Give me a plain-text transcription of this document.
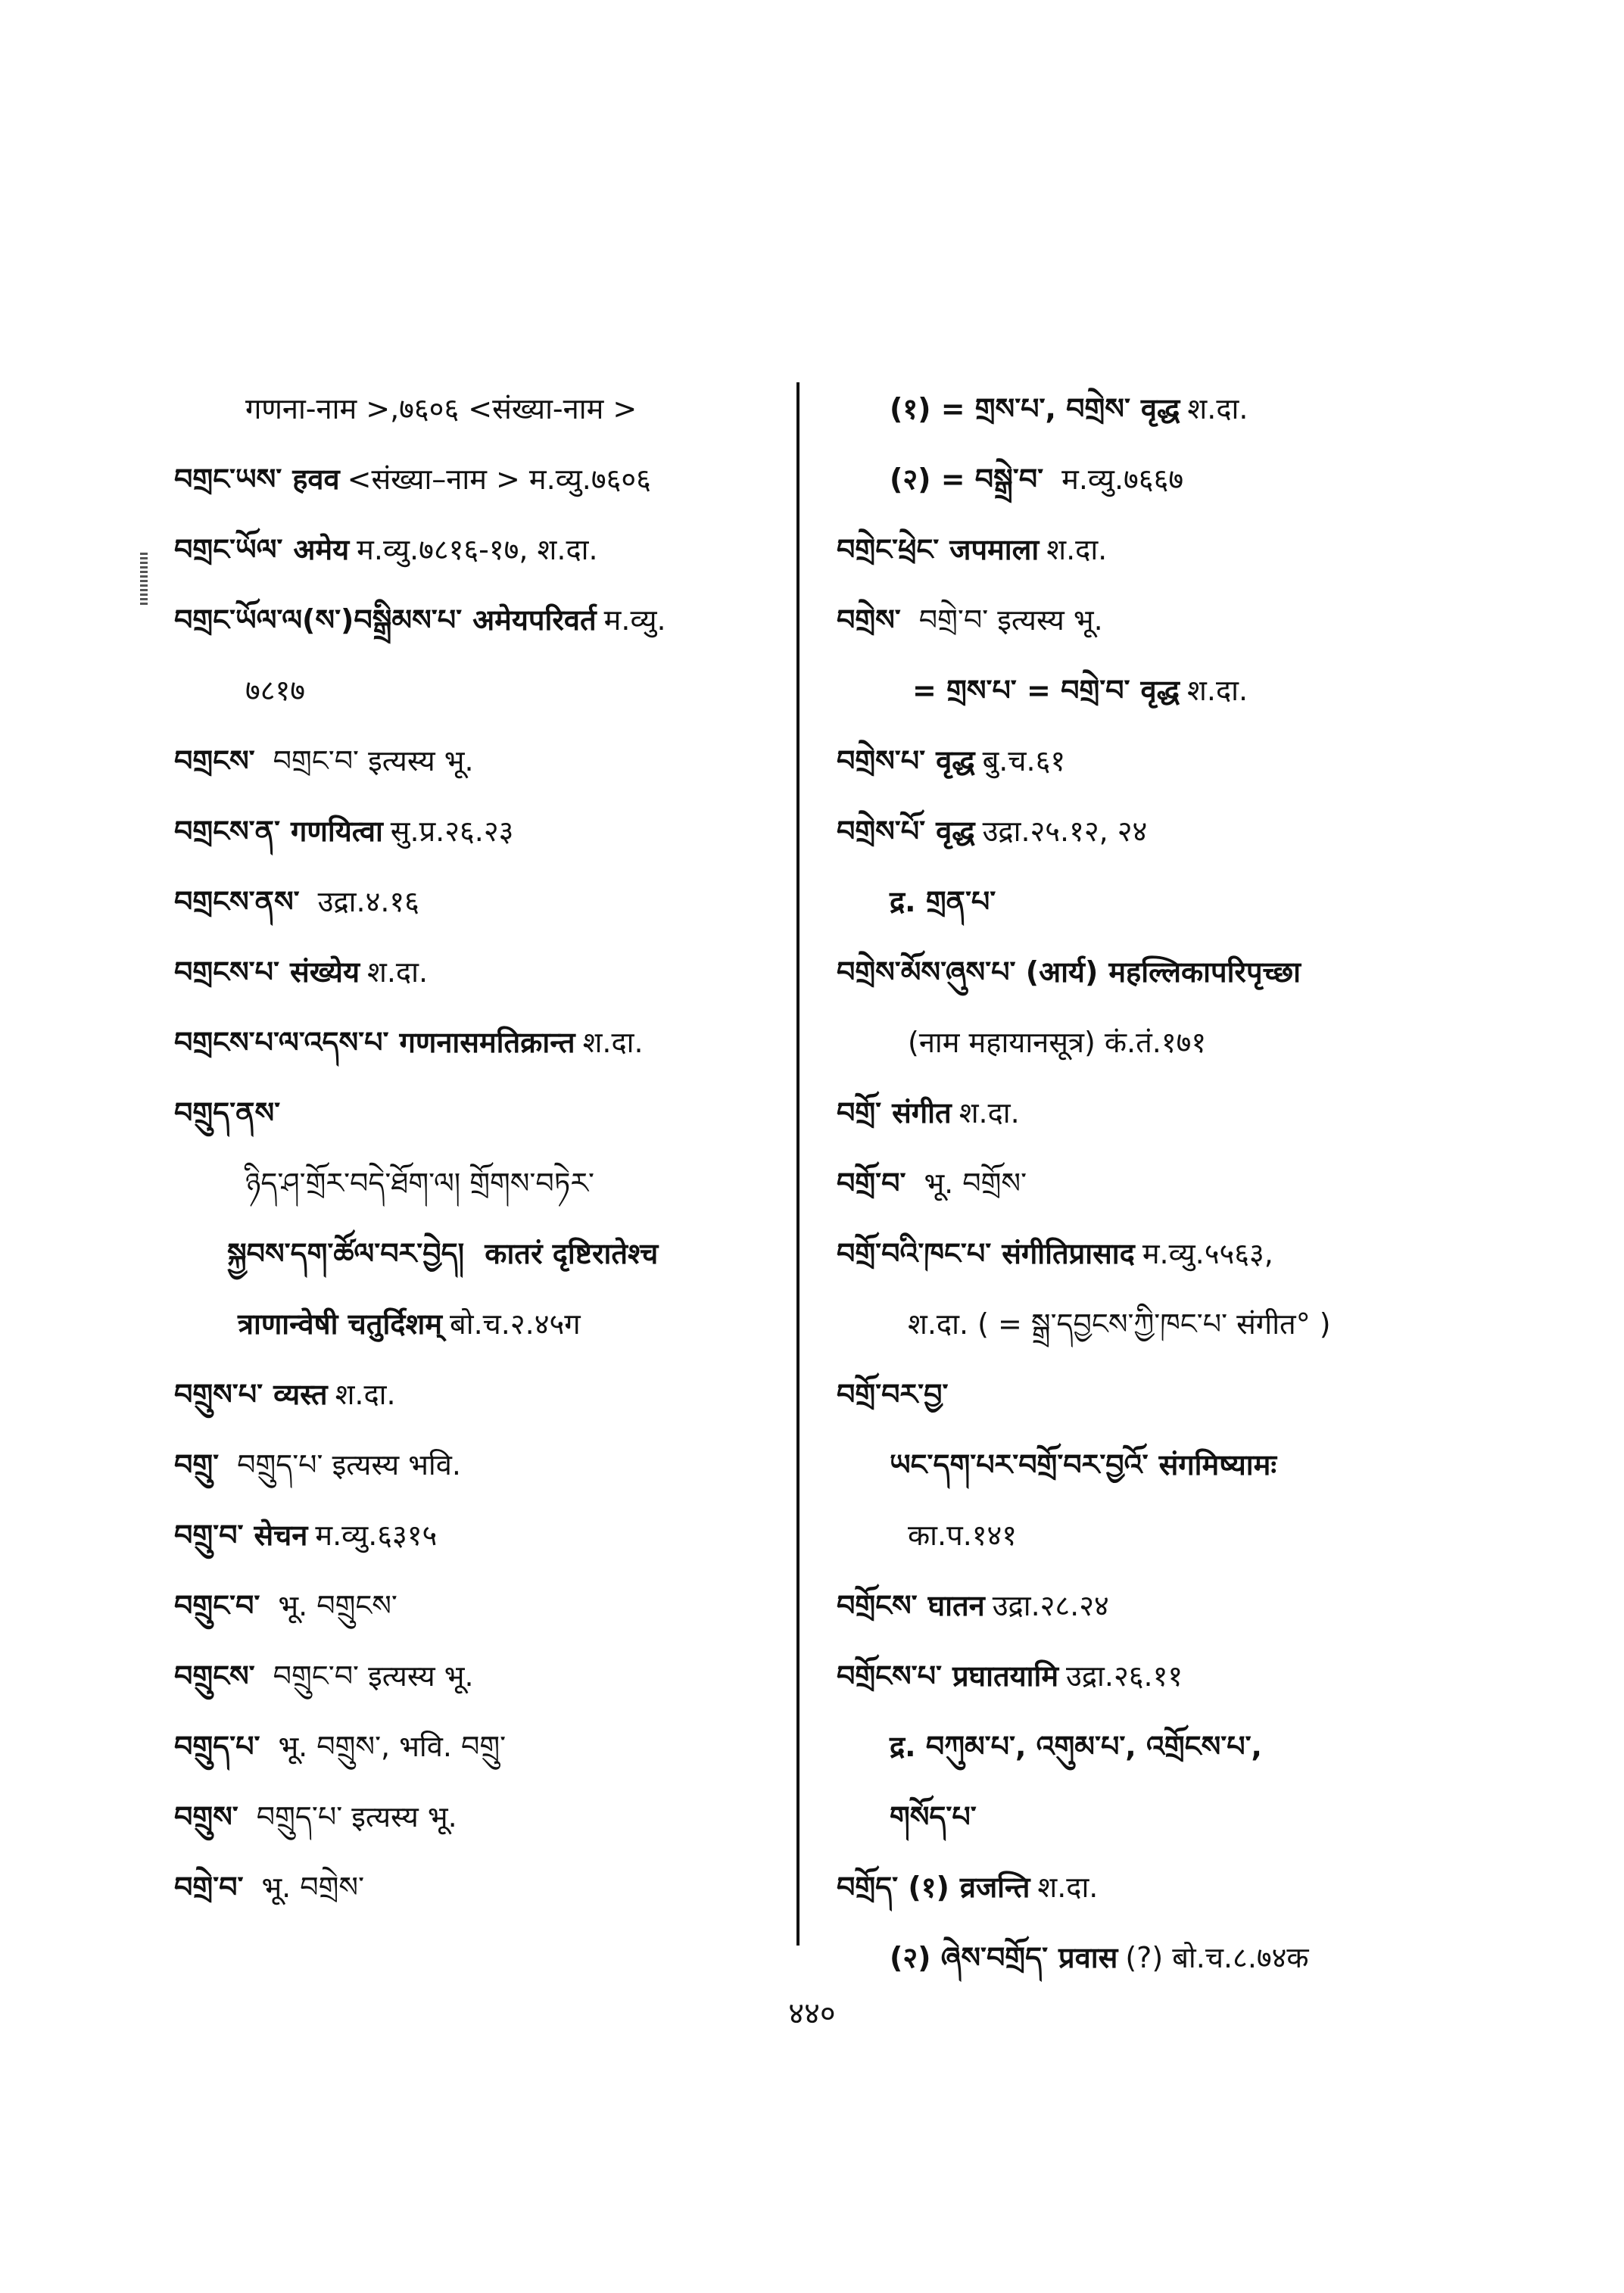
गणना-नाम >,७६०६ <संख्या-नाम >
བགྲང་ཡས་ हवव <संख्या–नाम > म.व्यु.७६०६
བགྲང་ཡོལ་ अमेय म.व्यु.७८१६-१७, श.दा.
བགྲང་ཡོལ་ལ(ས་)བསྒྲིམས་པ་ अमेयपरिवर्त म.व्यु.
७८१७
བགྲངས་ བགྲང་བ་ इत्यस्य भू.
བགྲངས་ན་ गणयित्वा सु.प्र.२६.२३
བགྲངས་ནས་ उद्रा.४.१६
བགྲངས་པ་ संख्येय श.दा.
བགྲངས་པ་ལ་འདས་པ་ गणनासमतिक्रान्त श.दा.
བགྲུད་ནས་
ཉིད་ཤ་གྲོར་བདེ་ཐོག་ལ། གྲོགས་བཏེར་
སྐྱབས་དག་ཚོལ་བར་བྱེད། कातरं दृष्टिरातेश्च
त्राणान्वेषी चतुर्दिशम् बो.च.२.४५ग
བགྲུས་པ་ व्यस्त श.दा.
བགྲུ་ བགྲུད་པ་ इत्यस्य भवि.
བགྲུ་བ་ सेचन म.व्यु.६३१५
བགྲུང་བ་ भू. བགྲུངས་
བགྲུངས་ བགྲུང་བ་ इत्यस्य भू.
བགྲུད་པ་ भू. བགྲུས་, भवि. བགྲུ་
བགྲུས་ བགྲུད་པ་ इत्यस्य भू.
བགྲེ་བ་ भू. བགྲེས་
(१) = གྲས་པ་, བགྲེས་ वृद्ध श.दा.
(२) = བསྒྲེ་བ་ म.व्यु.७६६७
བགྲེང་ཕྲེང་ जपमाला श.दा.
བགྲེས་ བགྲེ་བ་ इत्यस्य भू.
= གྲས་པ་ = བགྲེ་བ་ वृद्ध श.दा.
བགྲེས་པ་ वृद्ध बु.च.६१
བགྲེས་པོ་ वृद्ध उद्रा.२५.१२, २४
द्र. གྲན་པ་
བགྲེས་མོས་ཞུས་པ་ (आर्य) महल्लिकापरिपृच्छा
(नाम महायानसूत्र) कं.तं.१७१
བགྲོ་ संगीत श.दा.
བགྲོ་བ་ भू. བགྲོས་
བགྲོ་བའི་ཁང་པ་ संगीतिप्रासाद म.व्यु.५५६३,
श.दा. ( = སྒྲ་དབྱངས་ཀྱི་ཁང་པ་ संगीत° )
བགྲོ་བར་བྱ་
ཡང་དག་པར་བགྲོ་བར་བྱའོ་ संगमिष्यामः
का.प.१४१
བགྲོངས་ घातन उद्रा.२८.२४
བགྲོངས་པ་ प्रघातयामि उद्रा.२६.११
द्र. བཀུམ་པ་, འགུམ་པ་, འགྲོངས་པ་,
གསོད་པ་
བགྲོད་ (१) व्रजन्ति श.दा.
(२) ཞེས་བགྲོད་ प्रवास (?) बो.च.८.७४क
४४०
